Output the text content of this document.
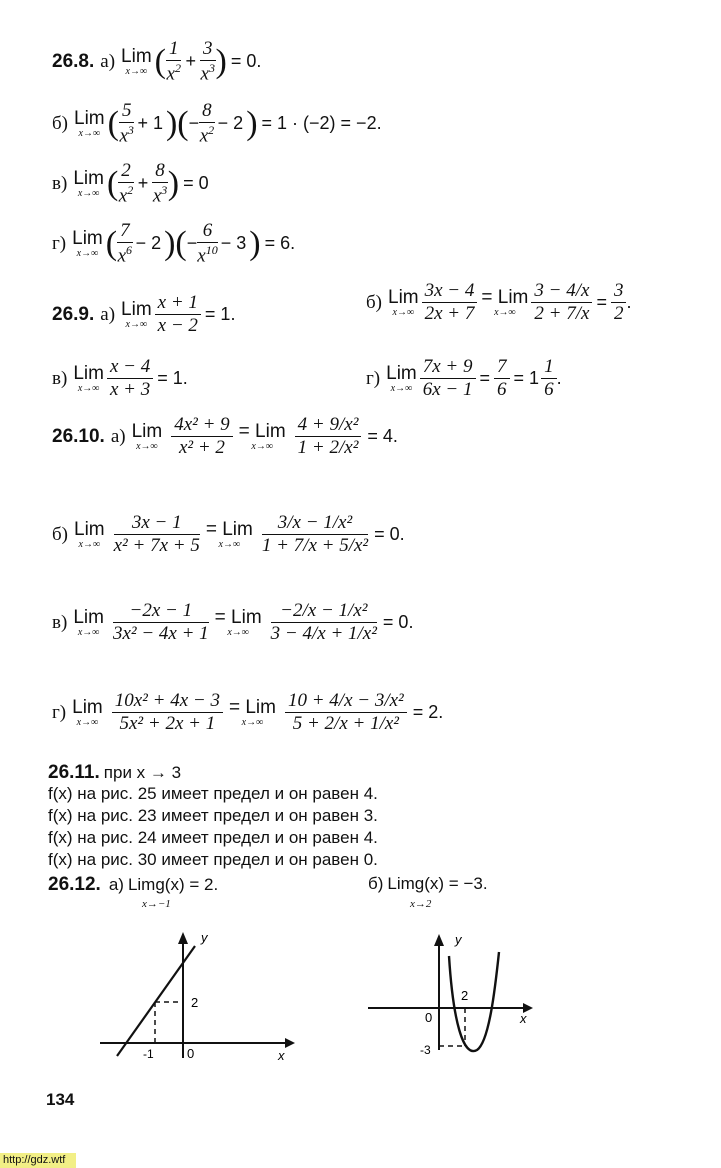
26.8. а) Lim
x→∞ ( 1
$x^2 + \frac{3}{x^3}$ ) = 0.
б) Lim
x→∞ ( 5
$x^3 + 1$ )( − $\frac{8}{x^2} - 2$ ) = 1 · (−2) = −2.
в) Lim
x→∞ ( 2
$x^2 + \frac{8}{x^3}$ ) = 0
г) Lim
x→∞ ( 7
$x^6 - 2$ )( − $\frac{6}{x^{10}} - 3$ ) = 6.
26.9. а) Lim
$x\to\infty \frac{x + 1}{x - 2} = 1$.
б) Lim
$x\to\infty \frac{3x - 4}{2x + 7}$ = Lim
$x\to\infty \frac{3 - 4/x}{2 + 7/x} = \frac{3}{2}$ .
в) Lim
$x\to\infty \frac{x - 4}{x + 3} = 1$.	г) Lim
$x\to\infty \frac{7x + 9}{6x - 1} = \frac{7}{6} = 1$
1
6
.
26.10. а) Lim
$x\to\infty \frac{\text{4x² + 9}}{\text{x² + 2}}$ = Lim
x→∞	$\frac{\text{4 + 9/x²}}{\text{1 + 2/x²}} = 4$.
б) Lim
$x\to\infty \frac{3x - 1}{\text{x² + 7x + 5}}$ = Lim
x→∞	$\frac{\text{3/x − 1/x²}}{\text{1 + 7/x + 5/x²}} = 0$.
в) Lim
$x\to\infty \frac{-2x - 1}{\text{3x² − 4x + 1}}$ = Lim
x→∞	$\frac{\text{−2/x − 1/x²}}{\text{3 − 4/x + 1/x²}} = 0$.
г) Lim
$x\to\infty \frac{\text{10x² + 4x − 3}}{\text{5x² + 2x + 1}}$ = Lim
x→∞	$\frac{\text{10 + 4/x − 3/x²}}{\text{5 + 2/x + 1/x²}} = 2$.
26.11. при x → 3
f(x) на рис. 25 имеет предел и он равен 4.
f(x) на рис. 23 имеет предел и он равен 3.
f(x) на рис. 24 имеет предел и он равен 4.
f(x) на рис. 30 имеет предел и он равен 0.
26.12. а) Limg(x) = 2.
x→−1
б) Limg(x) = −3.
x→2
y
x
2
-1	0
y
x
2
-3
0
134
http://gdz.wtf
